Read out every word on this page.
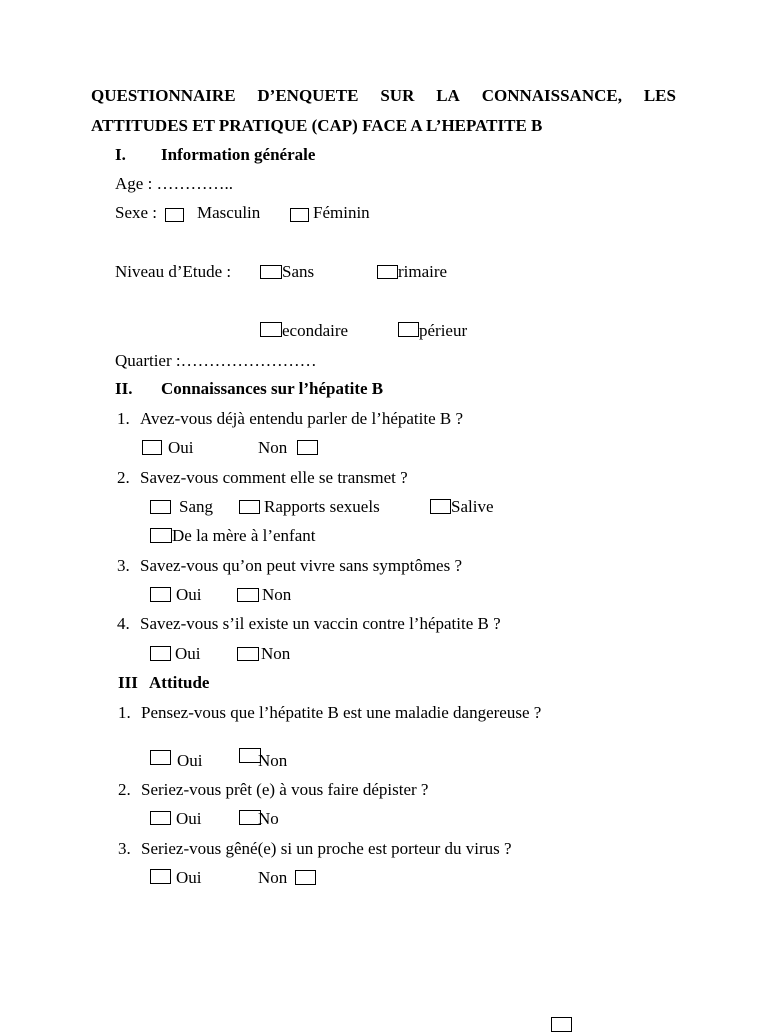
QUESTIONNAIRE D’ENQUETE SUR LA CONNAISSANCE, LES
ATTITUDES ET PRATIQUE (CAP) FACE A L’HEPATITE B
I. Information générale
Age : …………..
Sexe : Masculin	Féminin
Niveau d’Etude :	Sans	rimaire
econdaire	périeur
Quartier :……………………
II. Connaissances sur l’hépatite B
1. Avez-vous déjà entendu parler de l’hépatite B ?
Oui	Non
2. Savez-vous comment elle se transmet ?
Sang	Rapports sexuels	Salive
De la mère à l’enfant
3. Savez-vous qu’on peut vivre sans symptômes ?
Oui	Non
4. Savez-vous s’il existe un vaccin contre l’hépatite B ?
Oui	Non
III Attitude
1. Pensez-vous que l’hépatite B est une maladie dangereuse ?
Oui	Non
2. Seriez-vous prêt (e) à vous faire dépister ?
Oui	No
3. Seriez-vous gêné(e) si un proche est porteur du virus ?
Oui	Non
